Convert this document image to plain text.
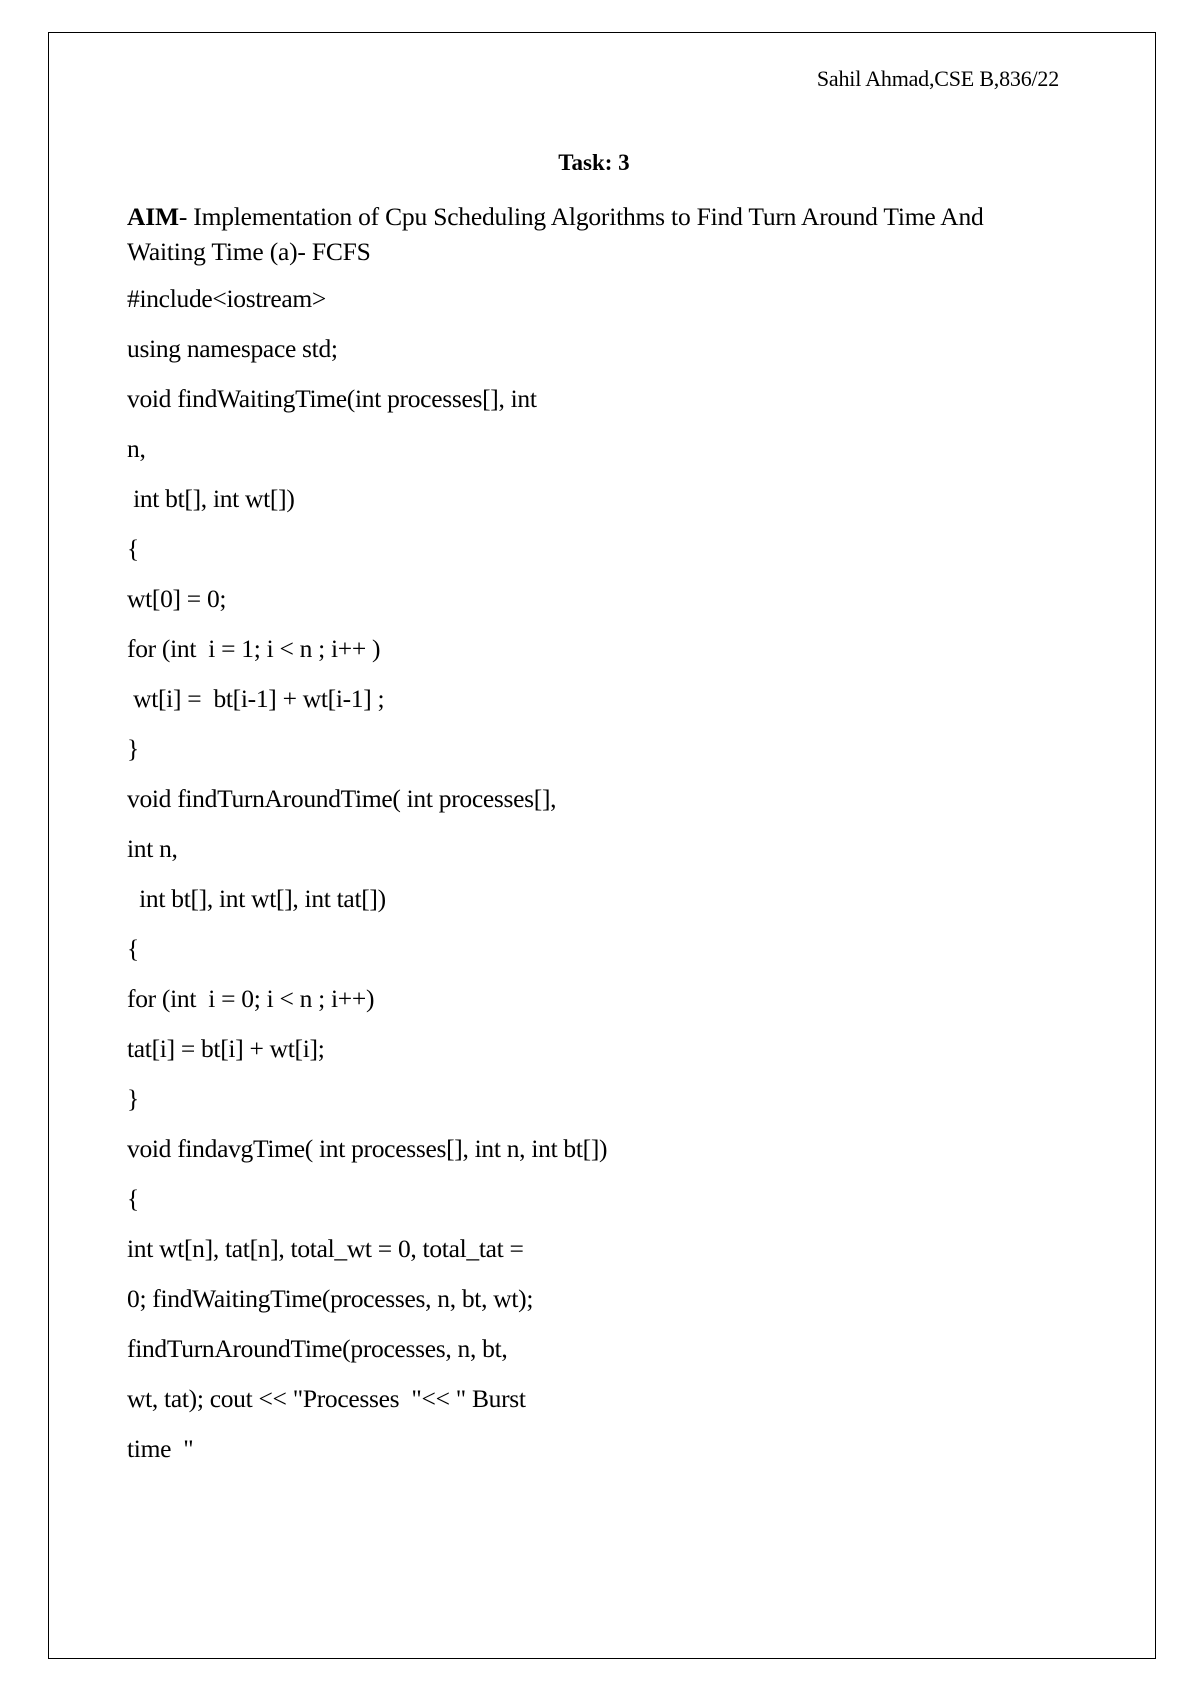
Sahil Ahmad,CSE B,836/22
Task: 3
AIM- Implementation of Cpu Scheduling Algorithms to Find Turn Around Time And Waiting Time (a)- FCFS
#include<iostream>
using namespace std;
void findWaitingTime(int processes[], int
n,
int bt[], int wt[])
{
wt[0] = 0;
for (int  i = 1; i < n ; i++ )
wt[i] =  bt[i-1] + wt[i-1] ;
}
void findTurnAroundTime( int processes[],
int n,
int bt[], int wt[], int tat[])
{
for (int  i = 0; i < n ; i++)
tat[i] = bt[i] + wt[i];
}
void findavgTime( int processes[], int n, int bt[])
{
int wt[n], tat[n], total_wt = 0, total_tat =
0; findWaitingTime(processes, n, bt, wt);
findTurnAroundTime(processes, n, bt,
wt, tat); cout << "Processes  "<< " Burst
time  "
